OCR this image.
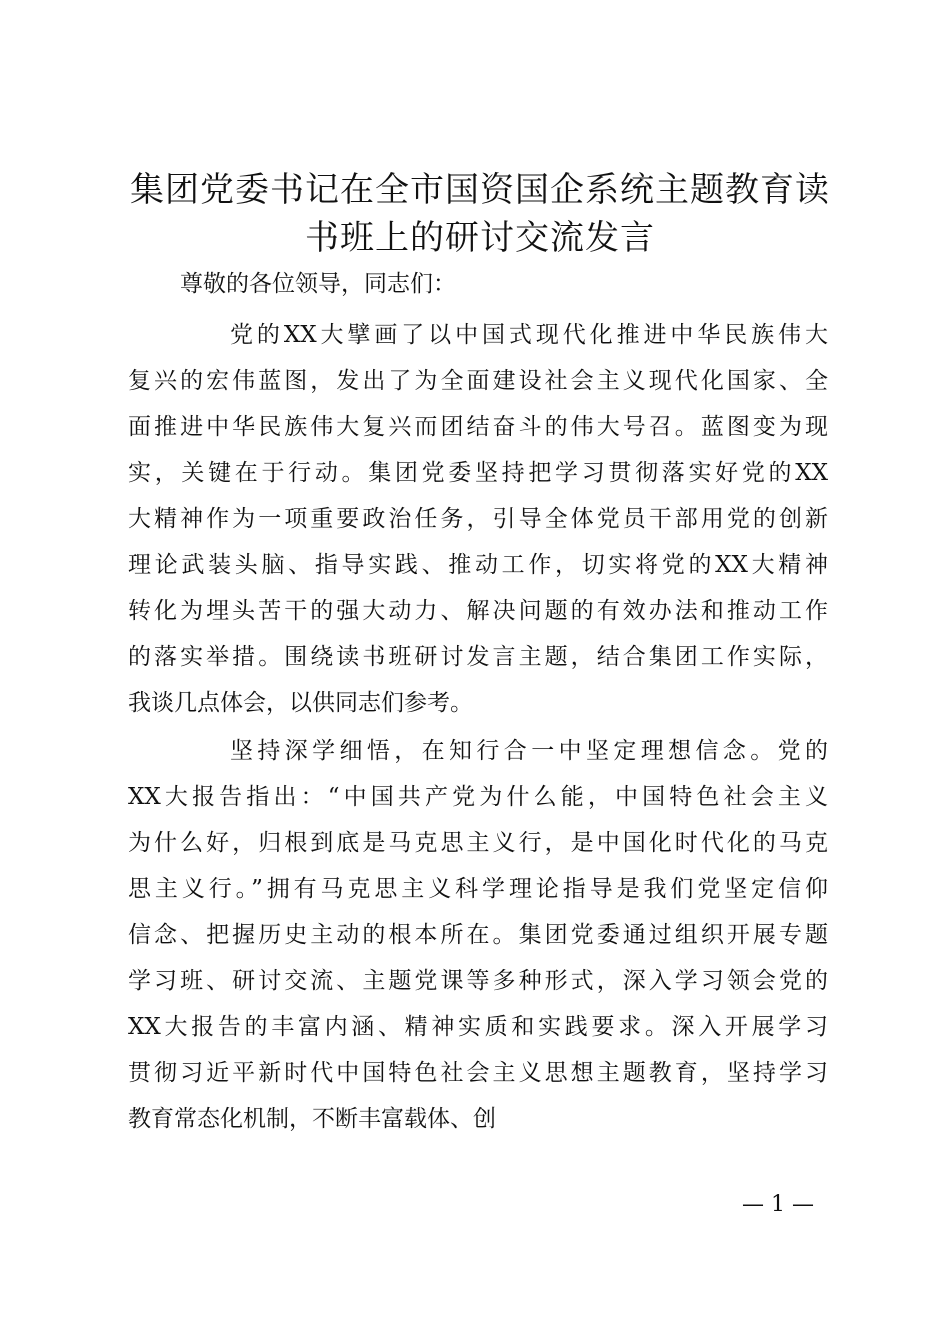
集团党委书记在全市国资国企系统主题教育读
书班上的研讨交流发言

尊敬的各位领导，同志们：

党的XX大擘画了以中国式现代化推进中华民族伟大
复兴的宏伟蓝图，发出了为全面建设社会主义现代化国家、全
面推进中华民族伟大复兴而团结奋斗的伟大号召。蓝图变为现
实，关键在于行动。集团党委坚持把学习贯彻落实好党的XX
大精神作为一项重要政治任务，引导全体党员干部用党的创新
理论武装头脑、指导实践、推动工作，切实将党的XX大精神
转化为埋头苦干的强大动力、解决问题的有效办法和推动工作
的落实举措。围绕读书班研讨发言主题，结合集团工作实际，
我谈几点体会，以供同志们参考。
坚持深学细悟，在知行合一中坚定理想信念。党的
XX大报告指出：“中国共产党为什么能，中国特色社会主义
为什么好，归根到底是马克思主义行，是中国化时代化的马克
思主义行。”拥有马克思主义科学理论指导是我们党坚定信仰
信念、把握历史主动的根本所在。集团党委通过组织开展专题
学习班、研讨交流、主题党课等多种形式，深入学习领会党的
XX大报告的丰富内涵、精神实质和实践要求。深入开展学习
贯彻习近平新时代中国特色社会主义思想主题教育，坚持学习
教育常态化机制，不断丰富载体、创

— 1 —
